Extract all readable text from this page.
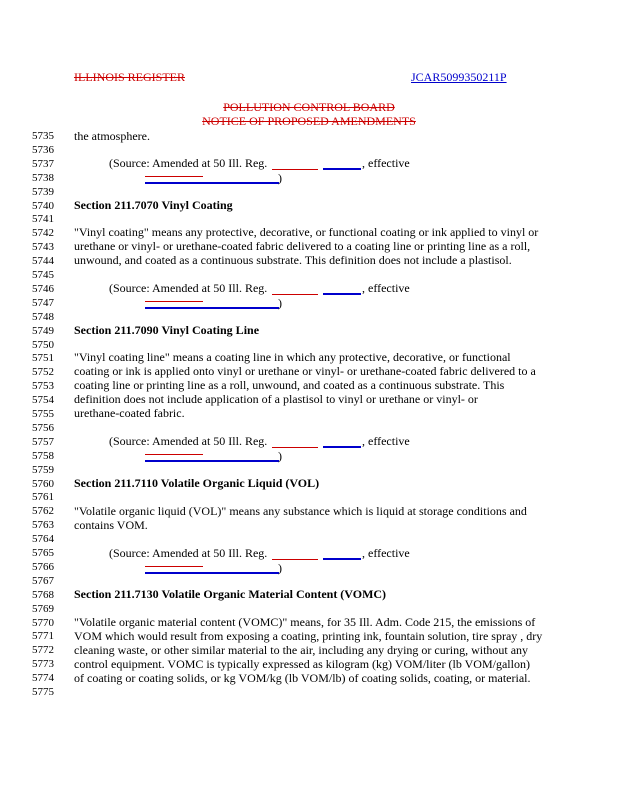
ILLINOIS REGISTER	JCAR5099350211P
POLLUTION CONTROL BOARD
NOTICE OF PROPOSED AMENDMENTS
5735
5736
5737
5738
5739
5740
5741
5742
5743
5744
5745
5746
5747
5748
5749
5750
5751
5752
5753
5754
5755
5756
5757
5758
5759
5760
5761
5762
5763
5764
5765
5766
5767
5768
5769
5770
5771
5772
5773
5774
5775
the atmosphere.
(Source: Amended at 50 Ill. Reg.	, effective
)
Section 211.7070 Vinyl Coating
"Vinyl coating" means any protective, decorative, or functional coating or ink applied to vinyl or
urethane or vinyl- or urethane-coated fabric delivered to a coating line or printing line as a roll,
unwound, and coated as a continuous substrate. This definition does not include a plastisol.
(Source: Amended at 50 Ill. Reg.	, effective
)
Section 211.7090 Vinyl Coating Line
"Vinyl coating line" means a coating line in which any protective, decorative, or functional
coating or ink is applied onto vinyl or urethane or vinyl- or urethane-coated fabric delivered to a
coating line or printing line as a roll, unwound, and coated as a continuous substrate. This
definition does not include application of a plastisol to vinyl or urethane or vinyl- or
urethane-coated fabric.
(Source: Amended at 50 Ill. Reg.	, effective
)
Section 211.7110 Volatile Organic Liquid (VOL)
"Volatile organic liquid (VOL)" means any substance which is liquid at storage conditions and
contains VOM.
(Source: Amended at 50 Ill. Reg.	, effective
)
Section 211.7130 Volatile Organic Material Content (VOMC)
"Volatile organic material content (VOMC)" means, for 35 Ill. Adm. Code 215, the emissions of
VOM which would result from exposing a coating, printing ink, fountain solution, tire spray , dry
cleaning waste, or other similar material to the air, including any drying or curing, without any
control equipment. VOMC is typically expressed as kilogram (kg) VOM/liter (lb VOM/gallon)
of coating or coating solids, or kg VOM/kg (lb VOM/lb) of coating solids, coating, or material.
